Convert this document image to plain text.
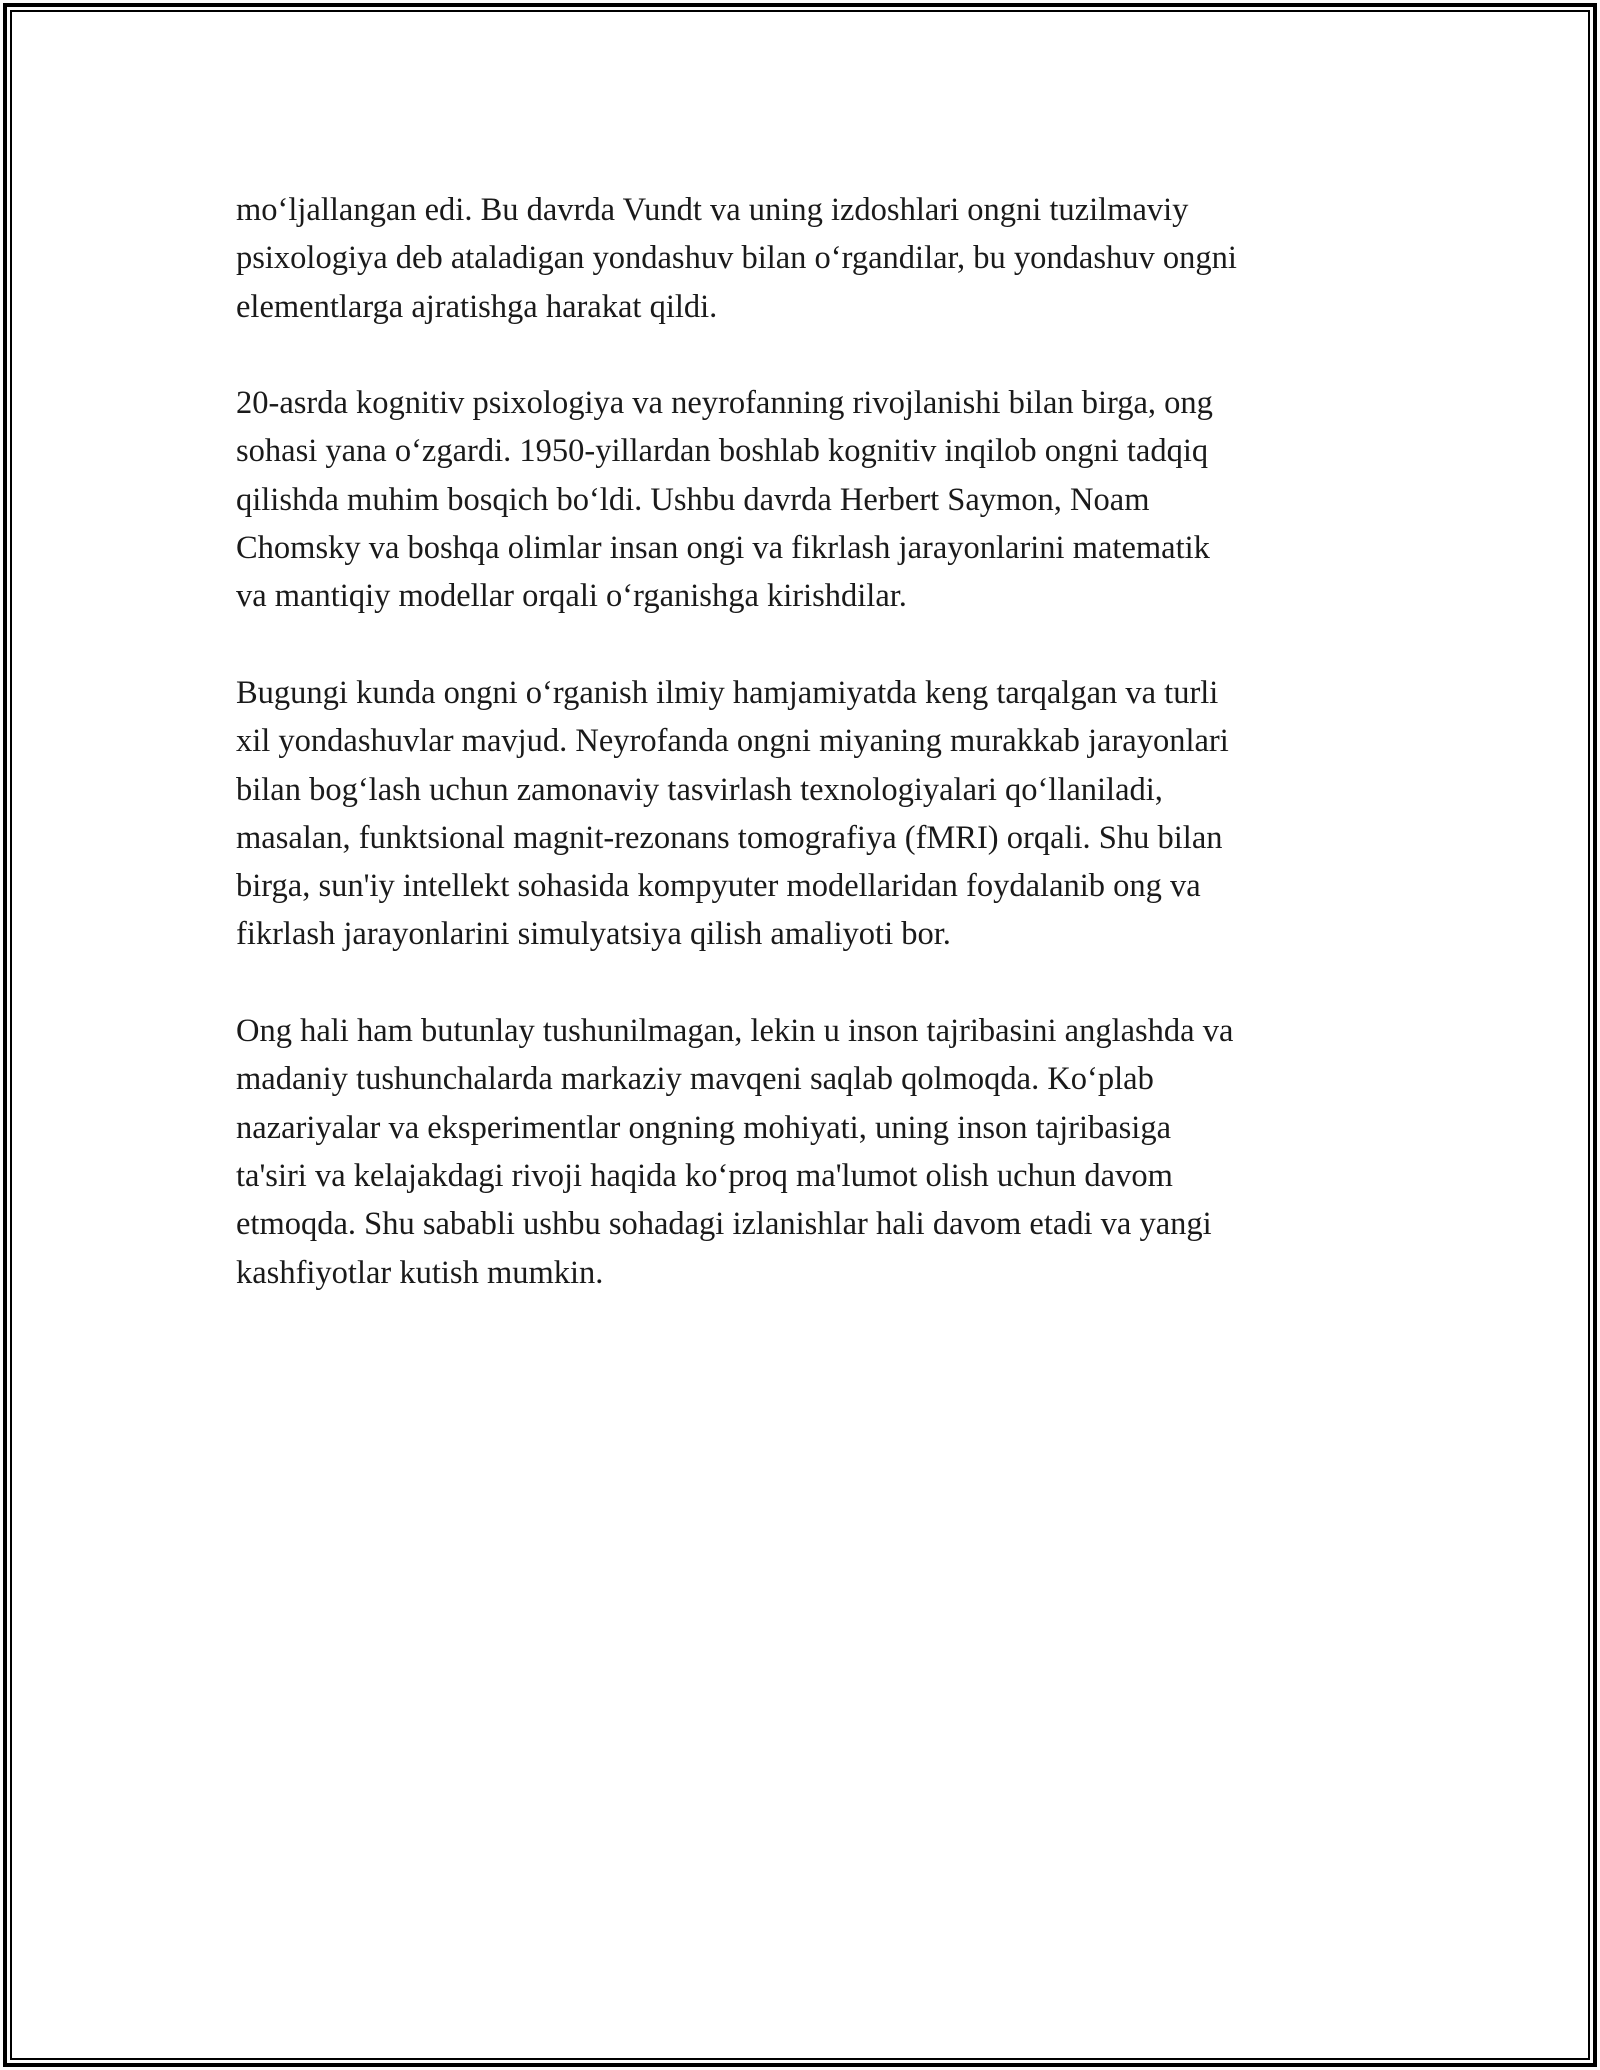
mo‘ljallangan edi. Bu davrda Vundt va uning izdoshlari ongni tuzilmaviy
psixologiya deb ataladigan yondashuv bilan o‘rgandilar, bu yondashuv ongni
elementlarga ajratishga harakat qildi.

20-asrda kognitiv psixologiya va neyrofanning rivojlanishi bilan birga, ong
sohasi yana o‘zgardi. 1950-yillardan boshlab kognitiv inqilob ongni tadqiq
qilishda muhim bosqich bo‘ldi. Ushbu davrda Herbert Saymon, Noam
Chomsky va boshqa olimlar insan ongi va fikrlash jarayonlarini matematik
va mantiqiy modellar orqali o‘rganishga kirishdilar.

Bugungi kunda ongni o‘rganish ilmiy hamjamiyatda keng tarqalgan va turli
xil yondashuvlar mavjud. Neyrofanda ongni miyaning murakkab jarayonlari
bilan bog‘lash uchun zamonaviy tasvirlash texnologiyalari qo‘llaniladi,
masalan, funktsional magnit-rezonans tomografiya (fMRI) orqali. Shu bilan
birga, sun'iy intellekt sohasida kompyuter modellaridan foydalanib ong va
fikrlash jarayonlarini simulyatsiya qilish amaliyoti bor.

Ong hali ham butunlay tushunilmagan, lekin u inson tajribasini anglashda va
madaniy tushunchalarda markaziy mavqeni saqlab qolmoqda. Ko‘plab
nazariyalar va eksperimentlar ongning mohiyati, uning inson tajribasiga
ta'siri va kelajakdagi rivoji haqida ko‘proq ma'lumot olish uchun davom
etmoqda. Shu sababli ushbu sohadagi izlanishlar hali davom etadi va yangi
kashfiyotlar kutish mumkin.
